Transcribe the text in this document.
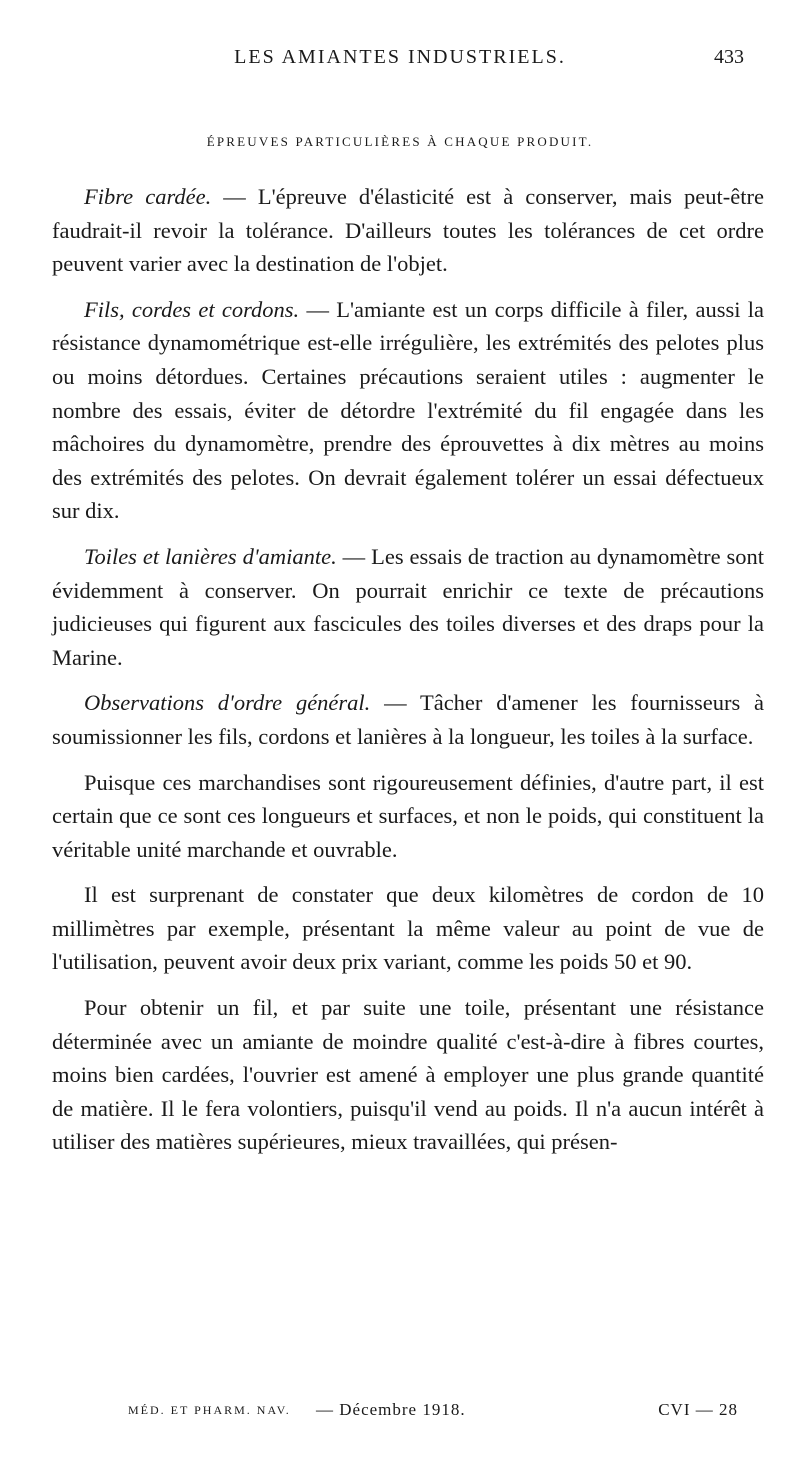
LES AMIANTES INDUSTRIELS.	433
ÉPREUVES PARTICULIÈRES À CHAQUE PRODUIT.

Fibre cardée. — L'épreuve d'élasticité est à conserver, mais peut-être faudrait-il revoir la tolérance. D'ailleurs toutes les tolérances de cet ordre peuvent varier avec la destination de l'objet.

Fils, cordes et cordons. — L'amiante est un corps difficile à filer, aussi la résistance dynamométrique est-elle irrégulière, les extrémités des pelotes plus ou moins détordues. Certaines précautions seraient utiles : augmenter le nombre des essais, éviter de détordre l'extrémité du fil engagée dans les mâchoires du dynamomètre, prendre des éprouvettes à dix mètres au moins des extrémités des pelotes. On devrait également tolérer un essai défectueux sur dix.

Toiles et lanières d'amiante. — Les essais de traction au dynamomètre sont évidemment à conserver. On pourrait enrichir ce texte de précautions judicieuses qui figurent aux fascicules des toiles diverses et des draps pour la Marine.

Observations d'ordre général. — Tâcher d'amener les fournisseurs à soumissionner les fils, cordons et lanières à la longueur, les toiles à la surface.

Puisque ces marchandises sont rigoureusement définies, d'autre part, il est certain que ce sont ces longueurs et surfaces, et non le poids, qui constituent la véritable unité marchande et ouvrable.

Il est surprenant de constater que deux kilomètres de cordon de 10 millimètres par exemple, présentant la même valeur au point de vue de l'utilisation, peuvent avoir deux prix variant, comme les poids 50 et 90.

Pour obtenir un fil, et par suite une toile, présentant une résistance déterminée avec un amiante de moindre qualité c'est-à-dire à fibres courtes, moins bien cardées, l'ouvrier est amené à employer une plus grande quantité de matière. Il le fera volontiers, puisqu'il vend au poids. Il n'a aucun intérêt à utiliser des matières supérieures, mieux travaillées, qui présen-

MÉD. ET PHARM. NAV. — Décembre 1918.	CVI — 28
